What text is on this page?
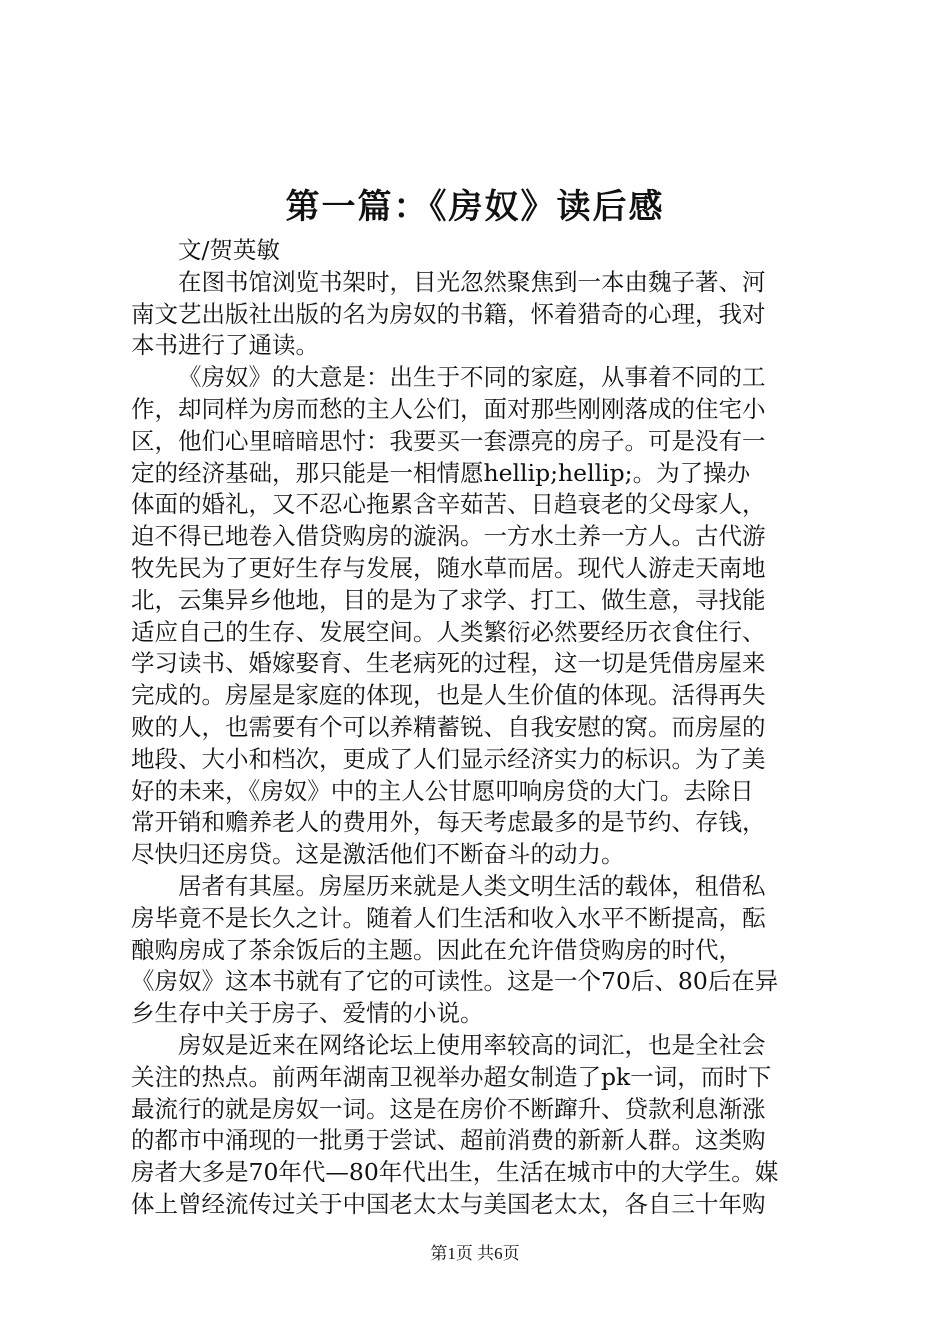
第一篇：《房奴》读后感
文/贺英敏
在图书馆浏览书架时，目光忽然聚焦到一本由魏子著、河
南文艺出版社出版的名为房奴的书籍，怀着猎奇的心理，我对
本书进行了通读。
《房奴》的大意是：出生于不同的家庭，从事着不同的工
作，却同样为房而愁的主人公们，面对那些刚刚落成的住宅小
区，他们心里暗暗思忖：我要买一套漂亮的房子。可是没有一
定的经济基础，那只能是一相情愿hellip;hellip;。为了操办
体面的婚礼，又不忍心拖累含辛茹苦、日趋衰老的父母家人，
迫不得已地卷入借贷购房的漩涡。一方水土养一方人。古代游
牧先民为了更好生存与发展，随水草而居。现代人游走天南地
北，云集异乡他地，目的是为了求学、打工、做生意，寻找能
适应自己的生存、发展空间。人类繁衍必然要经历衣食住行、
学习读书、婚嫁娶育、生老病死的过程，这一切是凭借房屋来
完成的。房屋是家庭的体现，也是人生价值的体现。活得再失
败的人，也需要有个可以养精蓄锐、自我安慰的窝。而房屋的
地段、大小和档次，更成了人们显示经济实力的标识。为了美
好的未来，《房奴》中的主人公甘愿叩响房贷的大门。去除日
常开销和赡养老人的费用外，每天考虑最多的是节约、存钱，
尽快归还房贷。这是激活他们不断奋斗的动力。
居者有其屋。房屋历来就是人类文明生活的载体，租借私
房毕竟不是长久之计。随着人们生活和收入水平不断提高，酝
酿购房成了茶余饭后的主题。因此在允许借贷购房的时代，
《房奴》这本书就有了它的可读性。这是一个70后、80后在异
乡生存中关于房子、爱情的小说。
房奴是近来在网络论坛上使用率较高的词汇，也是全社会
关注的热点。前两年湖南卫视举办超女制造了pk一词，而时下
最流行的就是房奴一词。这是在房价不断蹿升、贷款利息渐涨
的都市中涌现的一批勇于尝试、超前消费的新新人群。这类购
房者大多是70年代—80年代出生，生活在城市中的大学生。媒
体上曾经流传过关于中国老太太与美国老太太，各自三十年购
第1页 共6页
